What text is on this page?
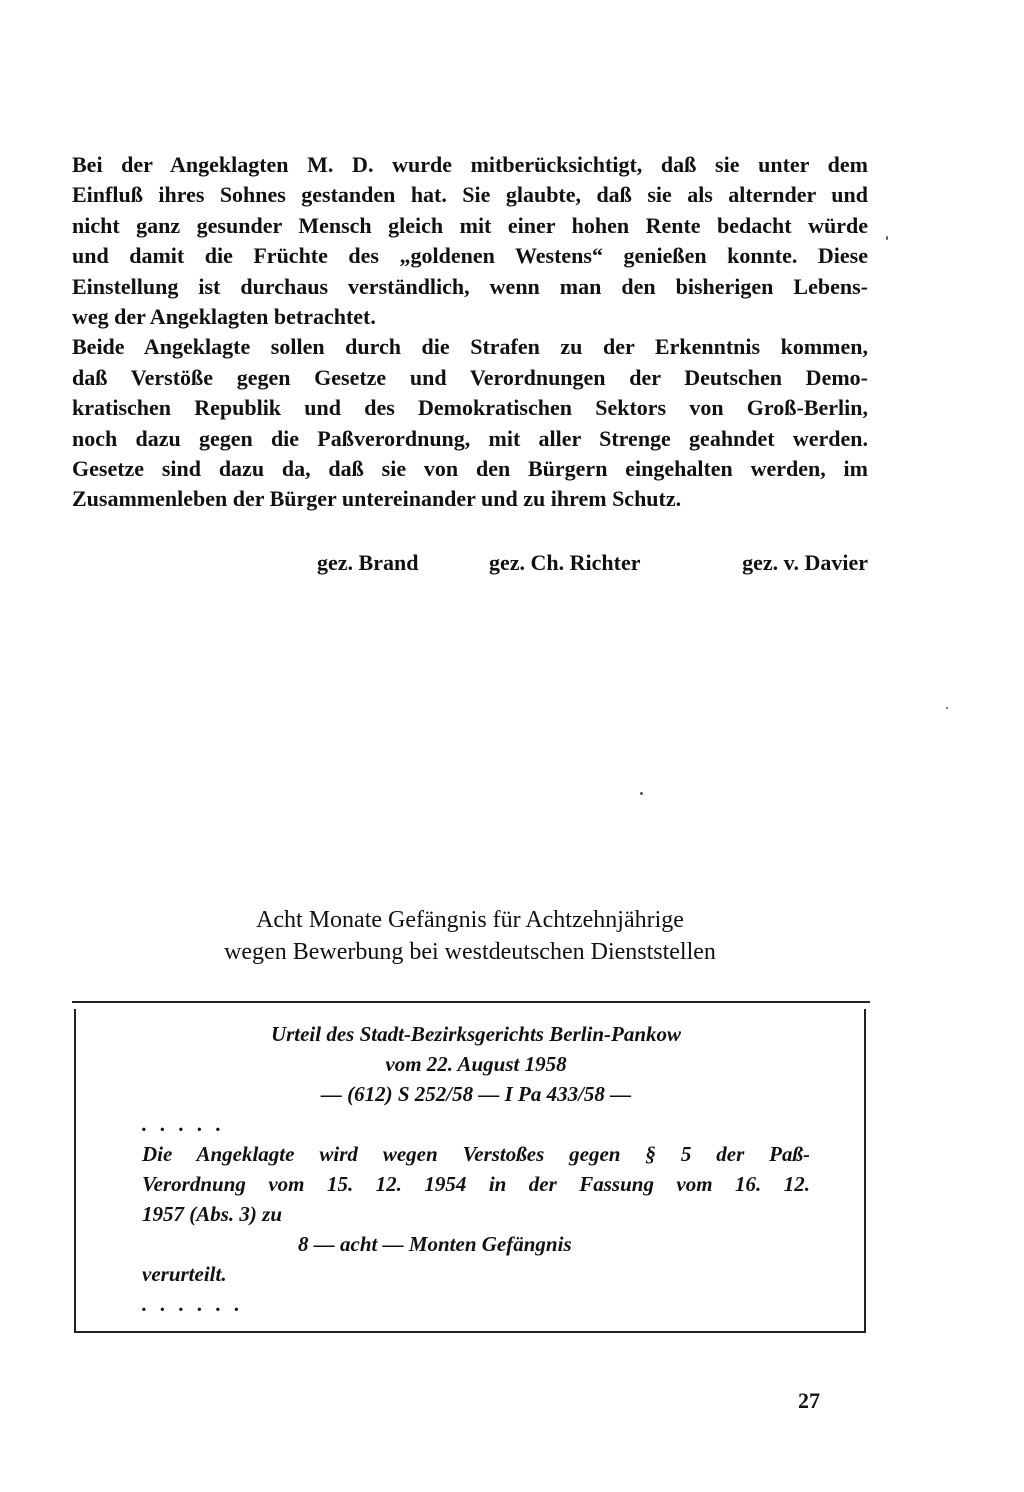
Bei der Angeklagten M. D. wurde mitberücksichtigt, daß sie unter dem
Einfluß ihres Sohnes gestanden hat. Sie glaubte, daß sie als alternder und
nicht ganz gesunder Mensch gleich mit einer hohen Rente bedacht würde
und damit die Früchte des „goldenen Westens“ genießen konnte. Diese
Einstellung ist durchaus verständlich, wenn man den bisherigen Lebens-
weg der Angeklagten betrachtet.
Beide Angeklagte sollen durch die Strafen zu der Erkenntnis kommen,
daß Verstöße gegen Gesetze und Verordnungen der Deutschen Demo-
kratischen Republik und des Demokratischen Sektors von Groß-Berlin,
noch dazu gegen die Paßverordnung, mit aller Strenge geahndet werden.
Gesetze sind dazu da, daß sie von den Bürgern eingehalten werden, im
Zusammenleben der Bürger untereinander und zu ihrem Schutz.
gez. Brand	gez. Ch. Richter	gez. v. Davier
Acht Monate Gefängnis für Achtzehnjährige
wegen Bewerbung bei westdeutschen Dienststellen
Urteil des Stadt-Bezirksgerichts Berlin-Pankow
vom 22. August 1958
— (612) S 252/58 — I Pa 433/58 —
. . . . .
Die Angeklagte wird wegen Verstoßes gegen § 5 der Paß-
Verordnung vom 15. 12. 1954 in der Fassung vom 16. 12.
1957 (Abs. 3) zu
8 — acht — Monten Gefängnis
verurteilt.
. . . . . .
27
